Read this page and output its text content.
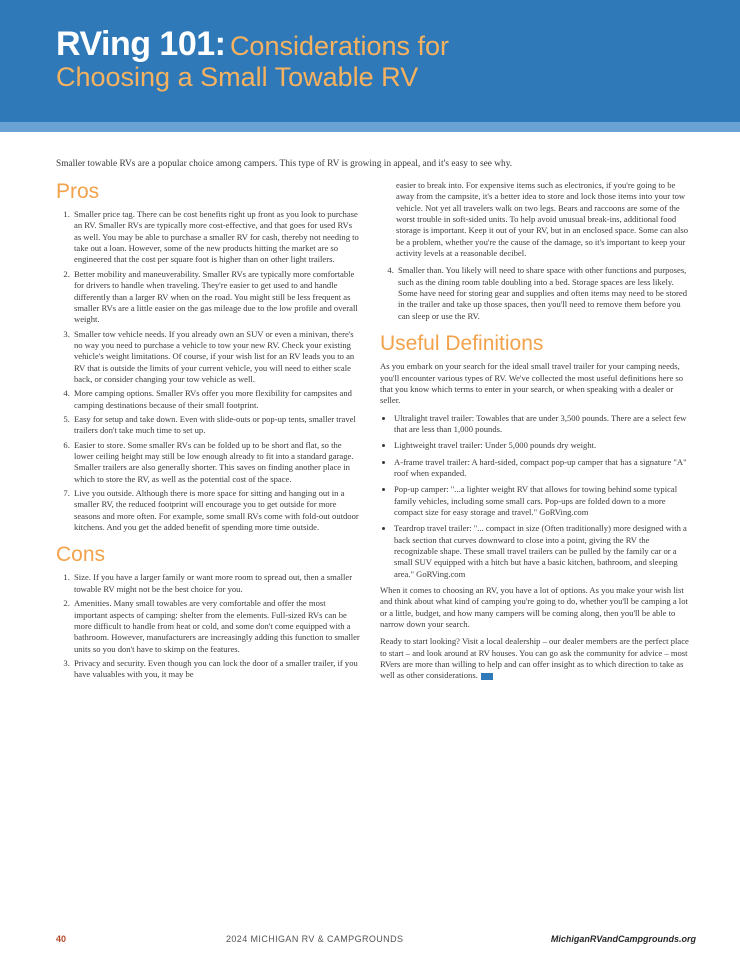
RVing 101: Considerations for
Choosing a Small Towable RV
Smaller towable RVs are a popular choice among campers. This type of RV is growing in appeal, and it's easy to see why.
Pros
1. Smaller price tag. There can be cost benefits right up front as you look to purchase an RV. Smaller RVs are typically more cost-effective, and that goes for used RVs as well. You may be able to purchase a smaller RV for cash, thereby not needing to take out a loan. However, some of the new products hitting the market are so engineered that the cost per square foot is higher than on other light trailers.
2. Better mobility and maneuverability. Smaller RVs are typically more comfortable for drivers to handle when traveling. They're easier to get used to and handle differently than a larger RV when on the road. You might still be less frequent as smaller RVs are a little easier on the gas mileage due to the low profile and overall weight.
3. Smaller tow vehicle needs. If you already own an SUV or even a minivan, there's no way you need to purchase a vehicle to tow your new RV. Check your existing vehicle's weight limitations. Of course, if your wish list for an RV leads you to an RV that is outside the limits of your current vehicle, you will need to either scale back, or consider changing your tow vehicle as well.
4. More camping options. Smaller RVs offer you more flexibility for campsites and camping destinations because of their small footprint.
5. Easy for setup and take down. Even with slide-outs or pop-up tents, smaller travel trailers don't take much time to set up.
6. Easier to store. Some smaller RVs can be folded up to be short and flat, so the lower ceiling height may still be low enough already to fit into a standard garage. Smaller trailers are also generally shorter. This saves on finding another place in which to store the RV, as well as the potential cost of the space.
7. Live you outside. Although there is more space for sitting and hanging out in a smaller RV, the reduced footprint will encourage you to get outside for more seasons and more often. For example, some small RVs come with fold-out outdoor kitchens. And you get the added benefit of spending more time outside.
Cons
1. Size. If you have a larger family or want more room to spread out, then a smaller towable RV might not be the best choice for you.
2. Amenities. Many small towables are very comfortable and offer the most important aspects of camping: shelter from the elements. Full-sized RVs can be more difficult to handle from heat or cold, and some don't come equipped with a bathroom. However, manufacturers are increasingly adding this function to smaller units so you don't have to skimp on the features.
3. Privacy and security. Even though you can lock the door of a smaller trailer, if you have valuables with you, it may be
easier to break into. For expensive items such as electronics, if you're going to be away from the campsite, it's a better idea to store and lock those items into your tow vehicle. Not yet all travelers walk on two legs. Bears and raccoons are some of the worst trouble in soft-sided units. To help avoid unusual break-ins, additional food storage is important. Keep it out of your RV, but in an enclosed space. Some can also be a problem, whether you're the cause of the damage, so it's important to keep your activity levels at a reasonable decibel.
4. Smaller than. You likely will need to share space with other functions and purposes, such as the dining room table doubling into a bed. Storage spaces are less likely. Some have need for storing gear and supplies and often items may need to be stored in the trailer and take up those spaces, then you'll need to remove them before you can sleep or use the RV.
Useful Definitions

As you embark on your search for the ideal small travel trailer for your camping needs, you'll encounter various types of RV. We've collected the most useful definitions here so that you know which terms to enter in your search, or when speaking with a dealer or seller.

• Ultralight travel trailer: Towables that are under 3,500 pounds. There are a select few that are less than 1,000 pounds.
• Lightweight travel trailer: Under 5,000 pounds dry weight.
• A-frame travel trailer: A hard-sided, compact pop-up camper that has a signature "A" roof when expanded.
• Pop-up camper: "...a lighter weight RV that allows for towing behind some typical family vehicles, including some small cars. Pop-ups are folded down to a more compact size for easy storage and travel." GoRVing.com
• Teardrop travel trailer: "... compact in size (Often traditionally) more designed with a back section that curves downward to close into a point, giving the RV the recognizable shape. These small travel trailers can be pulled by the family car or a small SUV equipped with a hitch but have a basic kitchen, bathroom, and sleeping area." GoRVing.com

When it comes to choosing an RV, you have a lot of options. As you make your wish list and think about what kind of camping you're going to do, whether you'll be camping a lot or a little, budget, and how many campers will be coming along, then you'll be able to narrow down your search.

Ready to start looking? Visit a local dealership – our dealer members are the perfect place to start – and look around at RV houses. You can go ask the community for advice – most RVers are more than willing to help and can offer insight as to which direction to take as well as other considerations.

40	2024 MICHIGAN RV & CAMPGROUNDS	MichiganRVandCampgrounds.org
